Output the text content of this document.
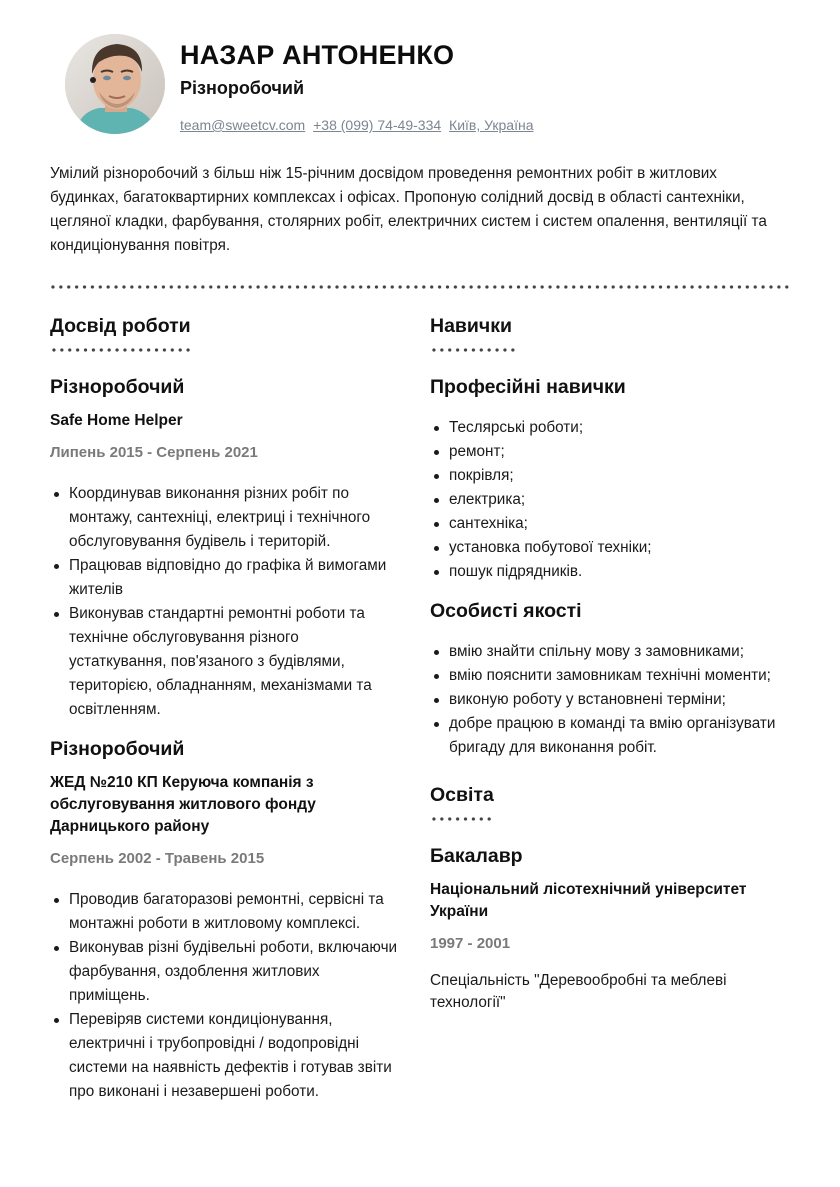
НАЗАР АНТОНЕНКО
Різноробочий
team@sweetcv.com +38 (099) 74-49-334 Київ, Україна

Умілий різноробочий з більш ніж 15-річним досвідом проведення ремонтних робіт в житлових будинках, багатоквартирних комплексах і офісах. Пропоную солідний досвід в області сантехніки, цегляної кладки, фарбування, столярних робіт, електричних систем і систем опалення, вентиляції та кондиціонування повітря.

Досвід роботи
Різноробочий
Safe Home Helper
Липень 2015 - Серпень 2021
Координував виконання різних робіт по монтажу, сантехніці, електриці і технічного обслуговування будівель і територій.
Працював відповідно до графіка й вимогами жителів
Виконував стандартні ремонтні роботи та технічне обслуговування різного устаткування, пов'язаного з будівлями, територією, обладнанням, механізмами та освітленням.
Різноробочий
ЖЕД №210 КП Керуюча компанія з обслуговування житлового фонду Дарницького району
Серпень 2002 - Травень 2015
Проводив багаторазові ремонтні, сервісні та монтажні роботи в житловому комплексі.
Виконував різні будівельні роботи, включаючи фарбування, оздоблення житлових приміщень.
Перевіряв системи кондиціонування, електричні і трубопровідні / водопровідні системи на наявність дефектів і готував звіти про виконані і незавершені роботи.
Навички
Професійні навички
Теслярські роботи;
ремонт;
покрівля;
електрика;
сантехніка;
установка побутової техніки;
пошук підрядників.
Особисті якості
вмію знайти спільну мову з замовниками;
вмію пояснити замовникам технічні моменти;
виконую роботу у встановнені терміни;
добре працюю в команді та вмію організувати бригаду для виконання робіт.
Освіта
Бакалавр
Національний лісотехнічний університет України
1997 - 2001
Спеціальність "Деревообробні та меблеві технології"
